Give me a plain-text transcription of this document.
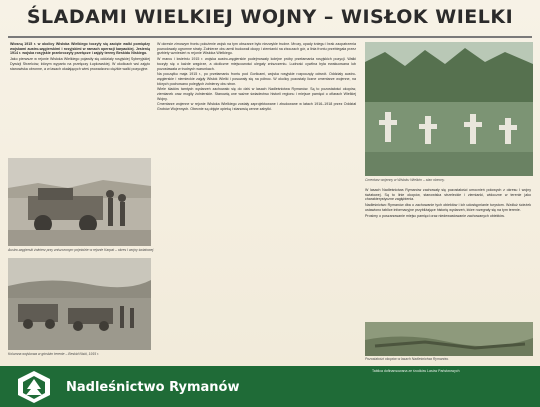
ŚLADAMI WIELKIEJ WOJNY – WISŁOK WIELKI

Wiosną 1915 r. w okolicy Wisłoka Wielkiego toczyły się zacięte walki pomiędzy wojskami austro-węgierskimi i rosyjskimi w ramach operacji karpackiej. Jesienią 1914 r. wojska rosyjskie przekroczyły przełęcze i zajęły tereny Beskidu Niskiego.

Jako pierwsze w rejonie Wisłoka Wielkiego pojawiły się oddziały rosyjskiej Syberyjskiej Dywizji Strzelców, którym wyparto na przełęczy Łupkowskiej. W okolicach wsi zajęto stanowiska obronne, a w lasach okalających wieś prowadzono ciężkie walki pozycyjne.

Austro-węgierski żołnierz przy zniszczonym pojeździe w rejonie Karpat – okres I wojny światowej.
Kolumna wojskowa w górskim terenie – Beskid Niski, 1915 r.

W okresie zimowym frontu położenie wojsk na tym obszarze było niezwykle trudne. Mrozy, opady śniegu i brak zaopatrzenia powodowały ogromne straty. Żołnierze obu armii budowali okopy i ziemianki na zboczach gór, a linia frontu przebiegała przez grzbiety wzniesień w rejonie Wisłoka Wielkiego.

W marcu i kwietniu 1915 r. wojska austro-węgierskie podejmowały kolejne próby przełamania rosyjskich pozycji. Walki toczyły się o każde wzgórze, a okoliczne miejscowości ulegały zniszczeniu. Ludność cywilna była ewakuowana lub pozostawała w trudnych warunkach.

Na początku maja 1915 r., po przełamaniu frontu pod Gorlicami, wojska rosyjskie rozpoczęły odwrót. Oddziały austro-węgierskie i niemieckie zajęły Wisłok Wielki i posuwały się na północ. W okolicy pozostały liczne cmentarze wojenne, na których pochowano poległych żołnierzy obu stron.

Wiele śladów tamtych wydarzeń zachowało się do dziś w lasach Nadleśnictwa Rymanów. Są to pozostałości okopów, ziemianek oraz mogiły żołnierskie. Stanowią one ważne świadectwo historii regionu i miejsce pamięci o ofiarach Wielkiej Wojny.

Cmentarze wojenne w rejonie Wisłoka Wielkiego zostały zaprojektowane i zbudowane w latach 1916–1918 przez Oddział Grobów Wojennych. Obecnie są objęte opieką i stanowią cenne zabytki.

Cmentarz wojenny w Wisłoku Wielkim – stan obecny.

W lasach Nadleśnictwa Rymanów zachowały się pozostałości umocnień polowych z okresu I wojny światowej. Są to linie okopów, stanowiska strzeleckie i ziemianki, widoczne w terenie jako charakterystyczne zagłębienia.

Nadleśnictwo Rymanów dba o zachowanie tych obiektów i ich udostępnianie turystom. Wzdłuż ścieżek ustawiono tablice informacyjne przybliżające historię wydarzeń, które rozegrały się na tym terenie.

Prosimy o poszanowanie miejsc pamięci oraz niedewastowanie zachowanych obiektów.

Pozostałości okopów w lasach Nadleśnictwa Rymanów.
Nadleśnictwo Rymanów
Tablica dofinansowana ze środków Lasów Państwowych
